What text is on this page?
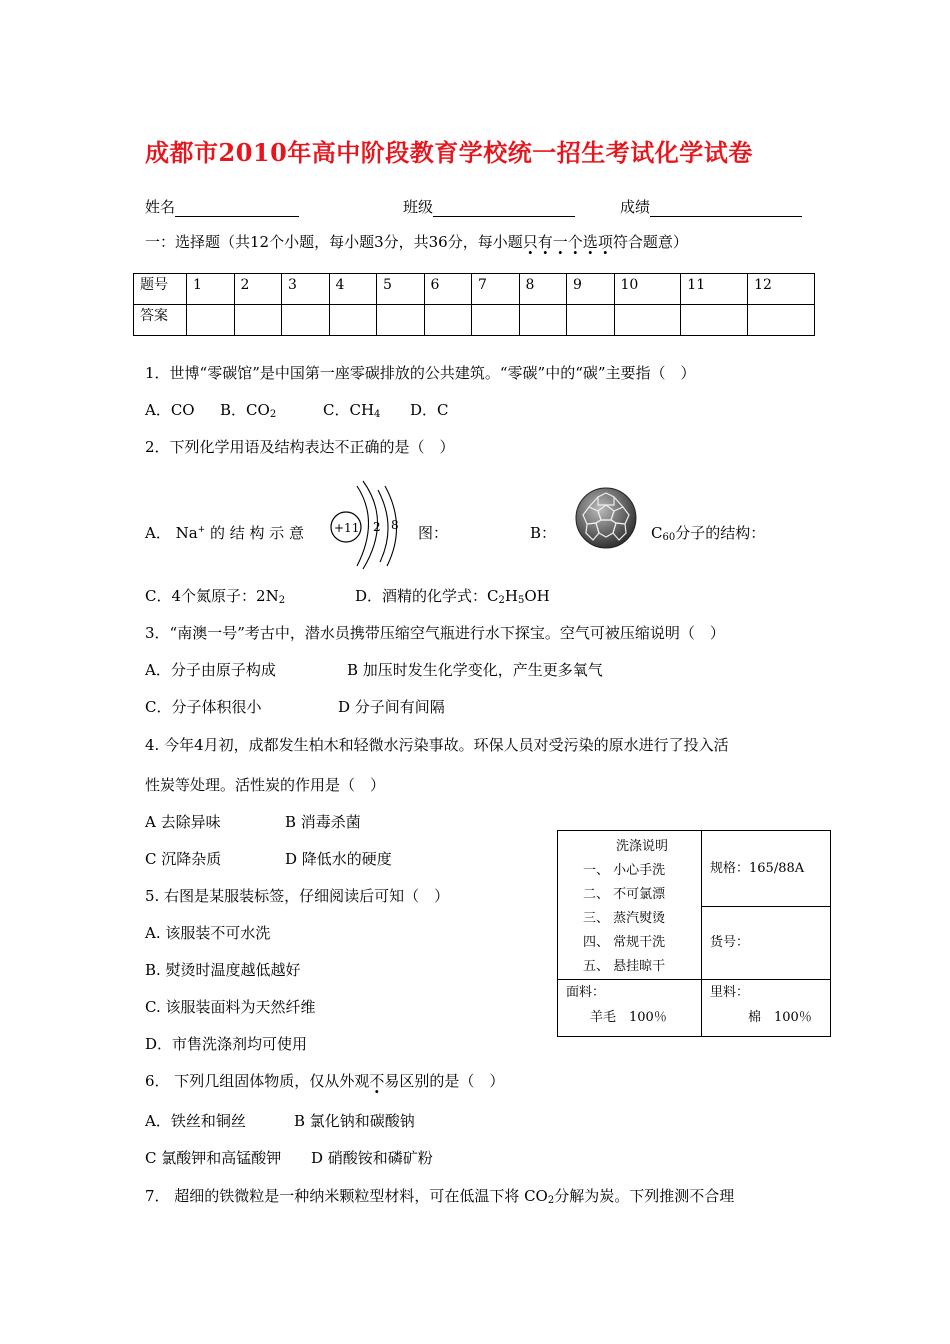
成都市2010年高中阶段教育学校统一招生考试化学试卷
姓名	班级	成绩
一：选择题（共12个小题，每小题3分，共36分，每小题只有一个选项符合题意）
题号	1	2	3	4	5	6	7	8	9	10	11	12
答案												
1．世博“零碳馆”是中国第一座零碳排放的公共建筑。“零碳”中的“碳”主要指（　）
A．CO B．$CO_2$	C．$CH_4$ D．C
2．下列化学用语及结构表达不正确的是（　）
A． Na+ 的 结 构 示 意 +11 2 8 图：	B：	$C_{60}$分子的结构：
C．4个氮原子：$2N_2$	D．酒精的化学式：$C_2H_5OH$
3．“南澳一号”考古中，潜水员携带压缩空气瓶进行水下探宝。空气可被压缩说明（　）
A．分子由原子构成	B 加压时发生化学变化，产生更多氧气
C．分子体积很小	D 分子间有间隔
4. 今年4月初，成都发生柏木和轻微水污染事故。环保人员对受污染的原水进行了投入活
性炭等处理。活性炭的作用是（　）
A 去除异味	B 消毒杀菌
C 沉降杂质	D 降低水的硬度
5. 右图是某服装标签，仔细阅读后可知（　）
A. 该服装不可水洗
B. 熨烫时温度越低越好
C. 该服装面料为天然纤维
D．市售洗涤剂均可使用
洗涤说明
一、 小心手洗
二、 不可氯漂
三、 蒸汽熨烫
四、 常规干洗
五、 悬挂晾干
规格：165/88A
货号：
面料：
羊毛　100％
里料：
棉　100％
6． 下列几组固体物质，仅从外观不易区别的是（　）
A．铁丝和铜丝	B 氯化钠和碳酸钠
C 氯酸钾和高锰酸钾 D 硝酸铵和磷矿粉
7． 超细的铁微粒是一种纳米颗粒型材料，可在低温下将 $CO_2$分解为炭。下列推测不合理
